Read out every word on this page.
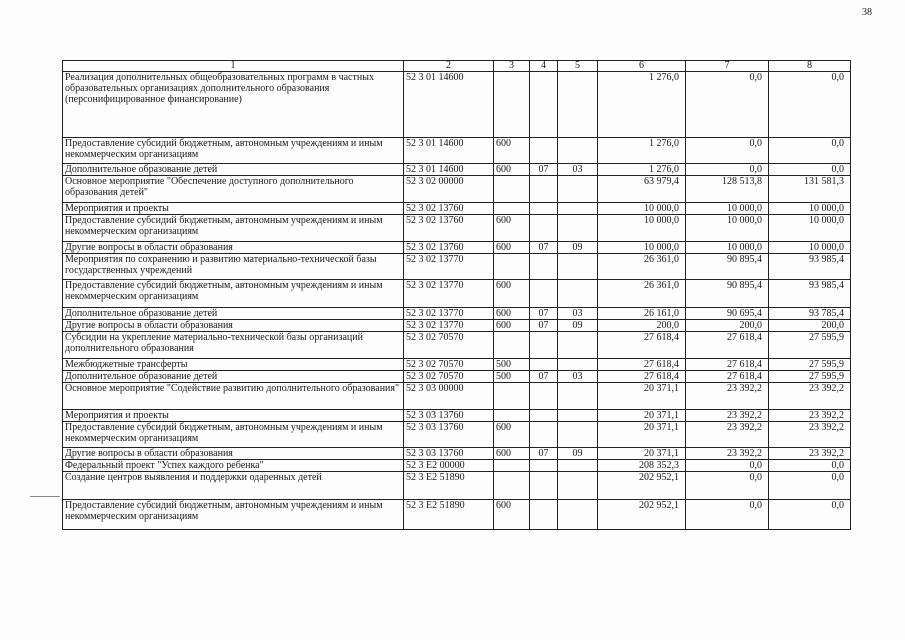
38
1	2	3	4	5	6	7	8
Реализация дополнительных общеобразовательных программ в частных образовательных организациях дополнительного образования (персонифицированное финансирование)	52 3 01 14600				1 276,0	0,0	0,0
Предоставление субсидий бюджетным, автономным учреждениям и иным некоммерческим организациям	52 3 01 14600	600			1 276,0	0,0	0,0
Дополнительное образование детей	52 3 01 14600	600	07	03	1 276,0	0,0	0,0
Основное мероприятие "Обеспечение доступного дополнительного образования детей"	52 3 02 00000				63 979,4	128 513,8	131 581,3
Мероприятия и проекты	52 3 02 13760				10 000,0	10 000,0	10 000,0
Предоставление субсидий бюджетным, автономным учреждениям и иным некоммерческим организациям	52 3 02 13760	600			10 000,0	10 000,0	10 000,0
Другие вопросы в области образования	52 3 02 13760	600	07	09	10 000,0	10 000,0	10 000,0
Мероприятия по сохранению и развитию материально-технической базы государственных учреждений	52 3 02 13770				26 361,0	90 895,4	93 985,4
Предоставление субсидий бюджетным, автономным учреждениям и иным некоммерческим организациям	52 3 02 13770	600			26 361,0	90 895,4	93 985,4
Дополнительное образование детей	52 3 02 13770	600	07	03	26 161,0	90 695,4	93 785,4
Другие вопросы в области образования	52 3 02 13770	600	07	09	200,0	200,0	200,0
Субсидии на укрепление материально-технической базы организаций дополнительного образования	52 3 02 70570				27 618,4	27 618,4	27 595,9
Межбюджетные трансферты	52 3 02 70570	500			27 618,4	27 618,4	27 595,9
Дополнительное образование детей	52 3 02 70570	500	07	03	27 618,4	27 618,4	27 595,9
Основное мероприятие "Содействие развитию дополнительного образования"	52 3 03 00000				20 371,1	23 392,2	23 392,2
Мероприятия и проекты	52 3 03 13760				20 371,1	23 392,2	23 392,2
Предоставление субсидий бюджетным, автономным учреждениям и иным некоммерческим организациям	52 3 03 13760	600			20 371,1	23 392,2	23 392,2
Другие вопросы в области образования	52 3 03 13760	600	07	09	20 371,1	23 392,2	23 392,2
Федеральный проект "Успех каждого ребенка"	52 3 E2 00000				208 352,3	0,0	0,0
Создание центров выявления и поддержки одаренных детей	52 3 E2 51890				202 952,1	0,0	0,0
Предоставление субсидий бюджетным, автономным учреждениям и иным некоммерческим организациям	52 3 E2 51890	600			202 952,1	0,0	0,0
